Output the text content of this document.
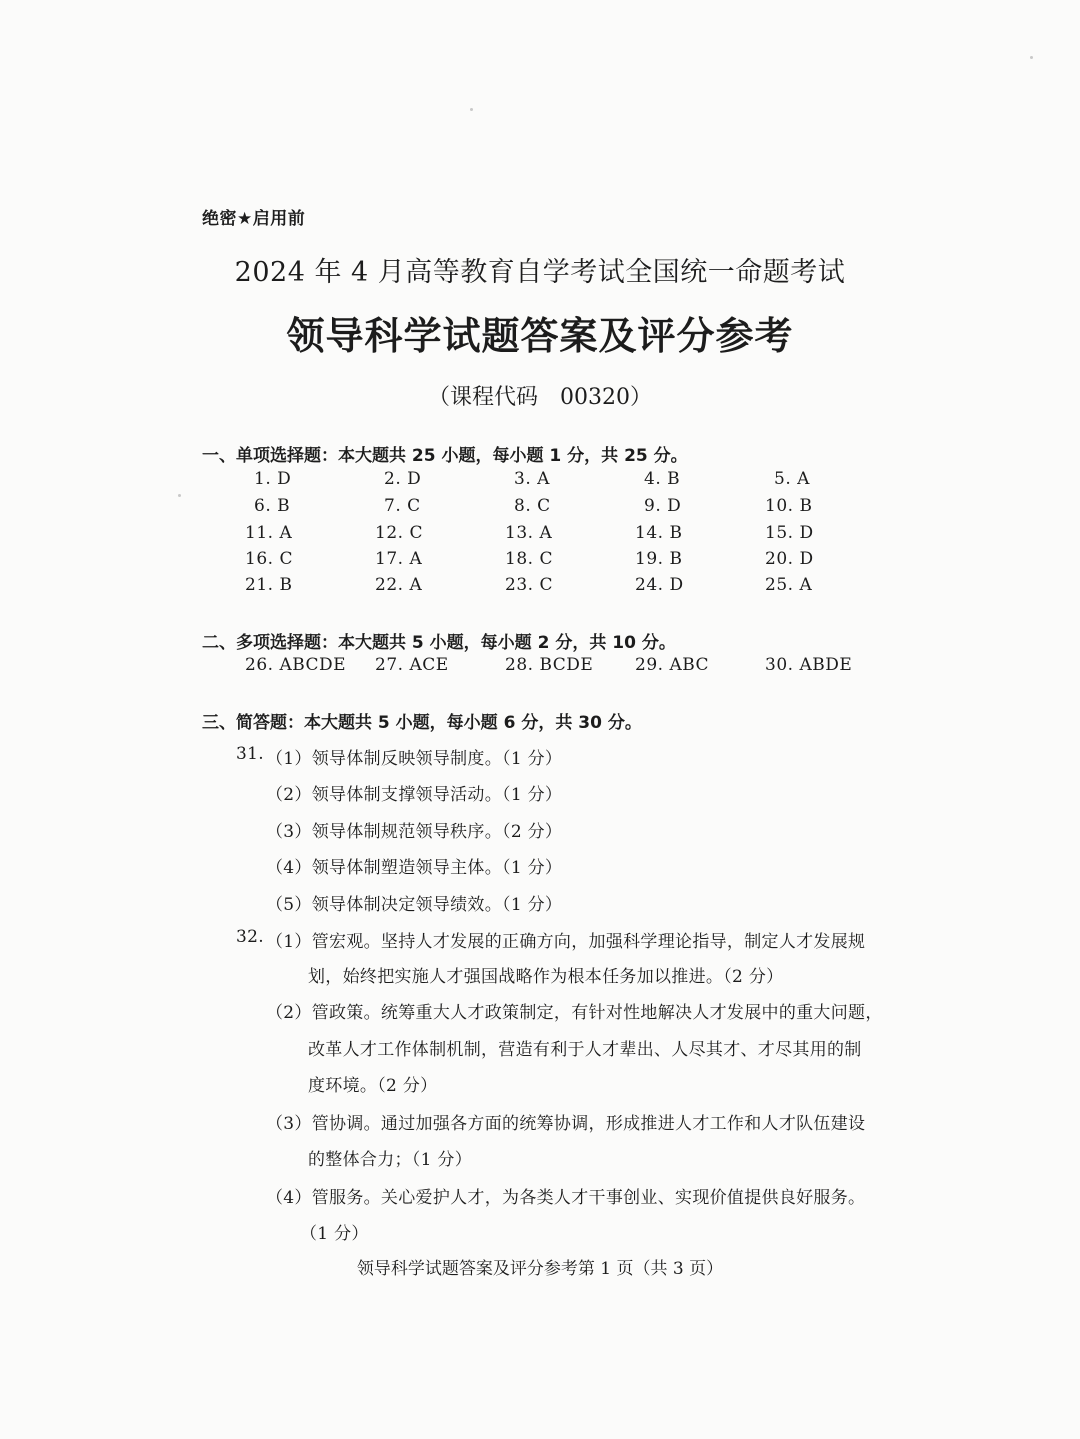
绝密★启用前
2024 年 4 月高等教育自学考试全国统一命题考试
领导科学试题答案及评分参考
（课程代码　00320）
一、单项选择题：本大题共 25 小题，每小题 1 分，共 25 分。
1. D	2. D	3. A	4. B	5. A
6. B	7. C	8. C	9. D	10. B
11. A	12. C	13. A	14. B	15. D
16. C	17. A	18. C	19. B	20. D
21. B	22. A	23. C	24. D	25. A
二、多项选择题：本大题共 5 小题，每小题 2 分，共 10 分。
26. ABCDE 27. ACE	28. BCDE 29. ABC	30. ABDE
三、简答题：本大题共 5 小题，每小题 6 分，共 30 分。
31. （1）领导体制反映领导制度。（1 分）
（2）领导体制支撑领导活动。（1 分）
（3）领导体制规范领导秩序。（2 分）
（4）领导体制塑造领导主体。（1 分）
（5）领导体制决定领导绩效。（1 分）
32. （1）管宏观。坚持人才发展的正确方向，加强科学理论指导，制定人才发展规
划，始终把实施人才强国战略作为根本任务加以推进。（2 分）
（2）管政策。统筹重大人才政策制定，有针对性地解决人才发展中的重大问题，
改革人才工作体制机制，营造有利于人才辈出、人尽其才、才尽其用的制
度环境。（2 分）
（3）管协调。通过加强各方面的统筹协调，形成推进人才工作和人才队伍建设
的整体合力；（1 分）
（4）管服务。关心爱护人才，为各类人才干事创业、实现价值提供良好服务。
（1 分）
领导科学试题答案及评分参考第 1 页（共 3 页）
